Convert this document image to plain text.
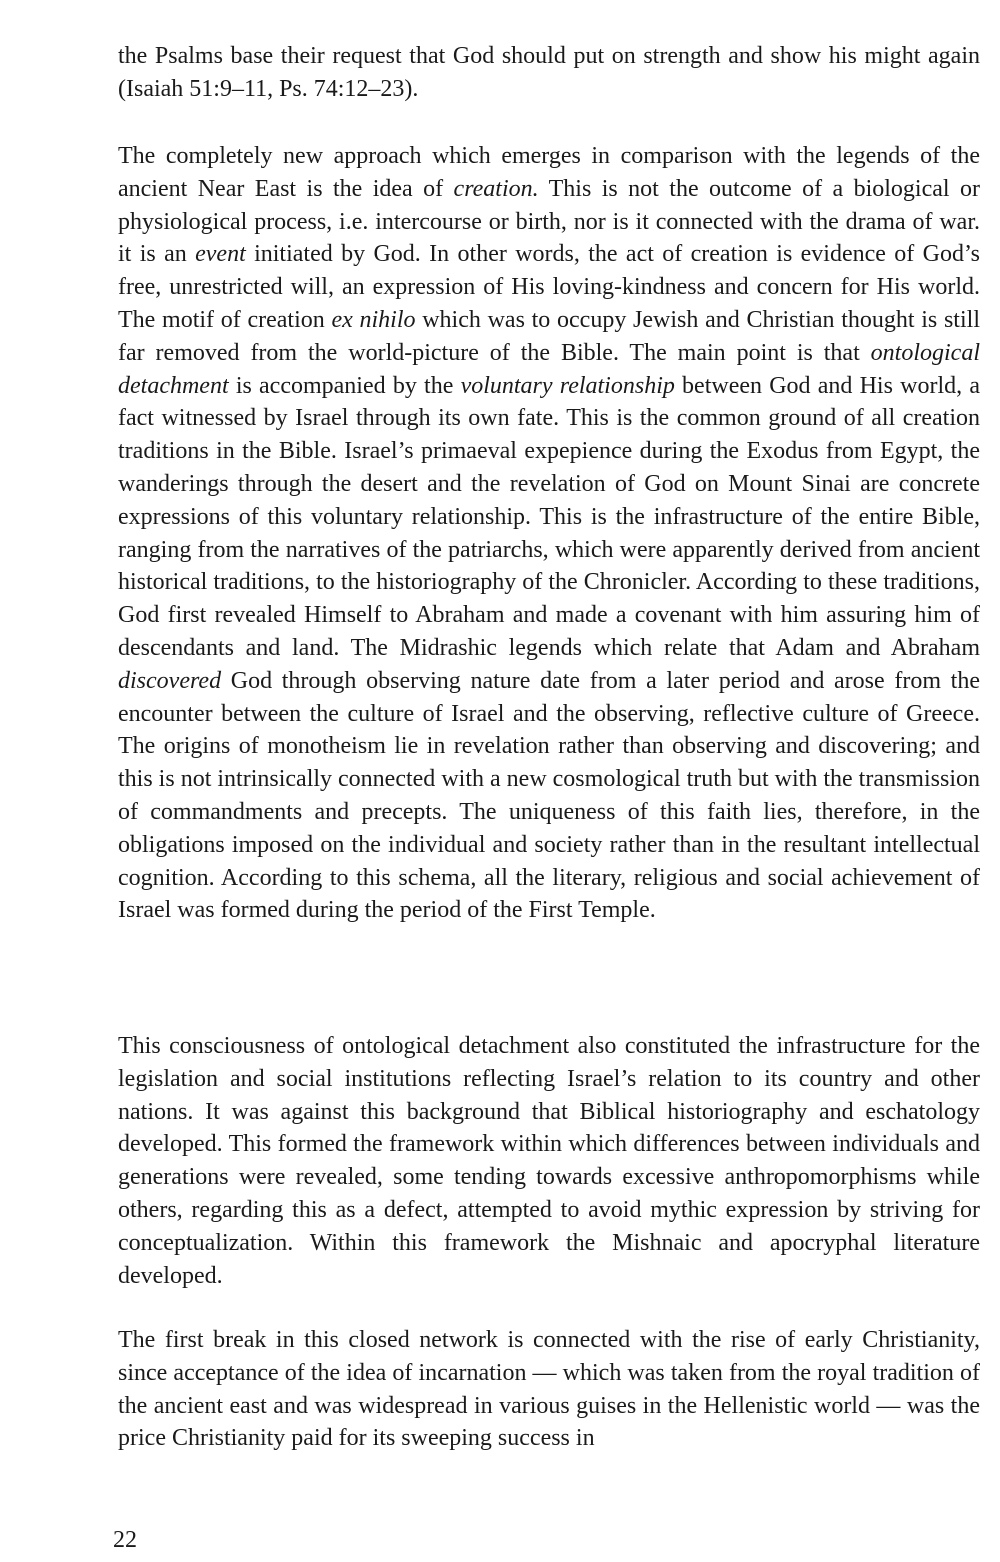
the Psalms base their request that God should put on strength and show his might again (Isaiah 51:9–11, Ps. 74:12–23).

The completely new approach which emerges in comparison with the legends of the ancient Near East is the idea of creation. This is not the outcome of a biological or physiological process, i.e. intercourse or birth, nor is it connected with the drama of war. it is an event initiated by God. In other words, the act of creation is evidence of God’s free, unrestricted will, an expression of His loving-kindness and concern for His world. The motif of creation ex nihilo which was to occupy Jewish and Christian thought is still far removed from the world-picture of the Bible. The main point is that ontological detachment is accompanied by the voluntary relationship between God and His world, a fact witnessed by Israel through its own fate. This is the common ground of all creation traditions in the Bible. Israel’s primaeval expepience during the Exodus from Egypt, the wanderings through the desert and the revelation of God on Mount Sinai are concrete expressions of this voluntary relationship. This is the infrastructure of the entire Bible, ranging from the narratives of the patriarchs, which were apparently derived from ancient historical traditions, to the historiography of the Chronicler. According to these traditions, God first revealed Himself to Abraham and made a covenant with him assuring him of descendants and land. The Midrashic legends which relate that Adam and Abraham discovered God through observing nature date from a later period and arose from the encounter between the culture of Israel and the observing, reflective culture of Greece. The origins of monotheism lie in revelation rather than observing and discovering; and this is not intrinsically connected with a new cosmological truth but with the transmission of commandments and precepts. The uniqueness of this faith lies, therefore, in the obligations imposed on the individual and society rather than in the resultant intellectual cognition. According to this schema, all the literary, religious and social achievement of Israel was formed during the period of the First Temple.

This consciousness of ontological detachment also constituted the infrastructure for the legislation and social institutions reflecting Israel’s relation to its country and other nations. It was against this background that Biblical historiography and eschatology developed. This formed the framework within which differences between individuals and generations were revealed, some tending towards excessive anthropomorphisms while others, regarding this as a defect, attempted to avoid mythic expression by striving for conceptualization. Within this framework the Mishnaic and apocryphal literature developed.

The first break in this closed network is connected with the rise of early Christianity, since acceptance of the idea of incarnation — which was taken from the royal tradition of the ancient east and was widespread in various guises in the Hellenistic world — was the price Christianity paid for its sweeping success in

22
